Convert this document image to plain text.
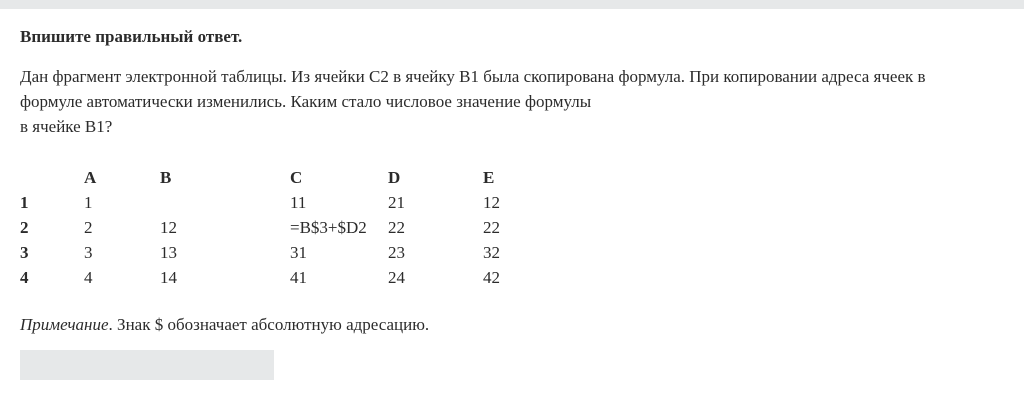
Впишите правильный ответ.

Дан фрагмент электронной таблицы. Из ячейки C2 в ячейку B1 была скопирована формула. При копировании адреса ячеек в
формуле автоматически изменились. Каким стало числовое значение формулы
в ячейке B1?

	A	B	C	D	E
1	1		11	21	12
2	2	12	=B$3+$D2	22	22
3	3	13	31	23	32
4	4	14	41	24	42

Примечание. Знак $ обозначает абсолютную адресацию.
